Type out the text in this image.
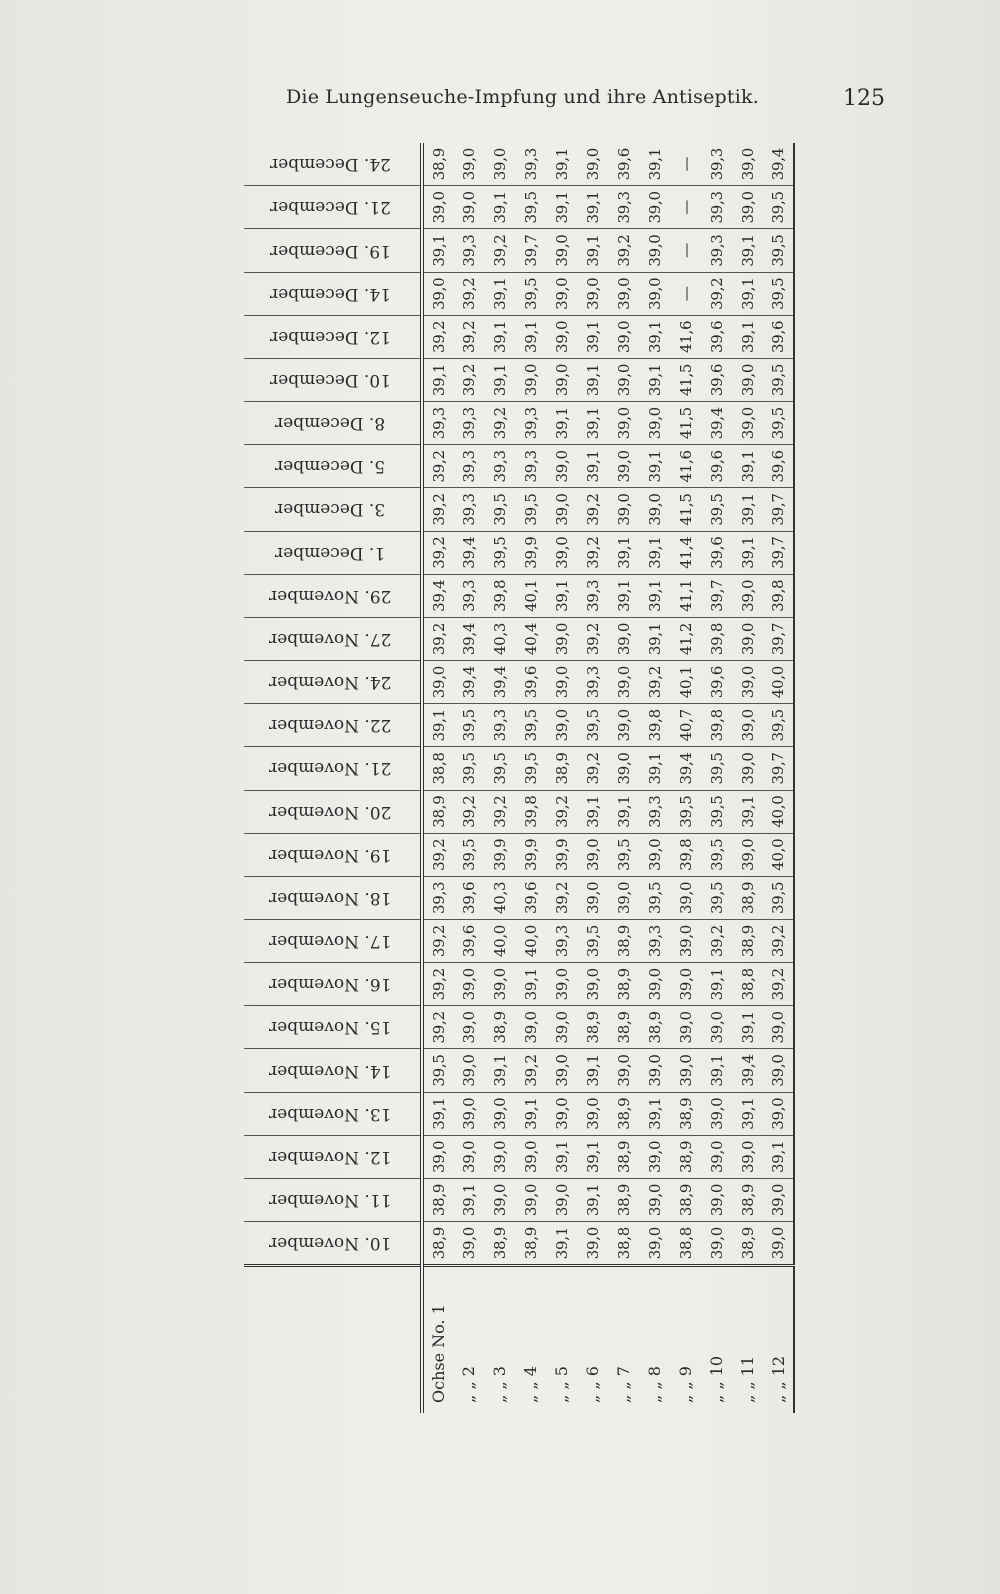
Die Lungenseuche-Impfung und ihre Antiseptik.	125
	10. November	11. November	12. November	13. November	14. November	15. November	16. November	17. November	18. November	19. November	20. November	21. November	22. November	24. November	27. November	29. November	1. December	3. December	5. December	8. December	10. December	12. December	14. December	19. December	21. December	24. December
Ochse No. 1	38,9	38,9	39,0	39,1	39,5	39,2	39,2	39,2	39,3	39,2	38,9	38,8	39,1	39,0	39,2	39,4	39,2	39,2	39,2	39,3	39,1	39,2	39,0	39,1	39,0	38,9
„ „ 2	39,0	39,1	39,0	39,0	39,0	39,0	39,0	39,6	39,6	39,5	39,2	39,5	39,5	39,4	39,4	39,3	39,4	39,3	39,3	39,3	39,2	39,2	39,2	39,3	39,0	39,0
„ „ 3	38,9	39,0	39,0	39,0	39,1	38,9	39,0	40,0	40,3	39,9	39,2	39,5	39,3	39,4	40,3	39,8	39,5	39,5	39,3	39,2	39,1	39,1	39,1	39,2	39,1	39,0
„ „ 4	38,9	39,0	39,0	39,1	39,2	39,0	39,1	40,0	39,6	39,9	39,8	39,5	39,5	39,6	40,4	40,1	39,9	39,5	39,3	39,3	39,0	39,1	39,5	39,7	39,5	39,3
„ „ 5	39,1	39,0	39,1	39,0	39,0	39,0	39,0	39,3	39,2	39,9	39,2	38,9	39,0	39,0	39,0	39,1	39,0	39,0	39,0	39,1	39,0	39,0	39,0	39,0	39,1	39,1
„ „ 6	39,0	39,1	39,1	39,0	39,1	38,9	39,0	39,5	39,0	39,0	39,1	39,2	39,5	39,3	39,2	39,3	39,2	39,2	39,1	39,1	39,1	39,1	39,0	39,1	39,1	39,0
„ „ 7	38,8	38,9	38,9	38,9	39,0	38,9	38,9	38,9	39,0	39,5	39,1	39,0	39,0	39,0	39,0	39,1	39,1	39,0	39,0	39,0	39,0	39,0	39,0	39,2	39,3	39,6
„ „ 8	39,0	39,0	39,0	39,1	39,0	38,9	39,0	39,3	39,5	39,0	39,3	39,1	39,8	39,2	39,1	39,1	39,1	39,0	39,1	39,0	39,1	39,1	39,0	39,0	39,0	39,1
„ „ 9	38,8	38,9	38,9	38,9	39,0	39,0	39,0	39,0	39,0	39,8	39,5	39,4	40,7	40,1	41,2	41,1	41,4	41,5	41,6	41,5	41,5	41,6	—	—	—	—
„ „ 10	39,0	39,0	39,0	39,0	39,1	39,0	39,1	39,2	39,5	39,5	39,5	39,5	39,8	39,6	39,8	39,7	39,6	39,5	39,6	39,4	39,6	39,6	39,2	39,3	39,3	39,3
„ „ 11	38,9	38,9	39,0	39,1	39,4	39,1	38,8	38,9	38,9	39,0	39,1	39,0	39,0	39,0	39,0	39,0	39,1	39,1	39,1	39,0	39,0	39,1	39,1	39,1	39,0	39,0
„ „ 12	39,0	39,0	39,1	39,0	39,0	39,0	39,2	39,2	39,5	40,0	40,0	39,7	39,5	40,0	39,7	39,8	39,7	39,7	39,6	39,5	39,5	39,6	39,5	39,5	39,5	39,4
